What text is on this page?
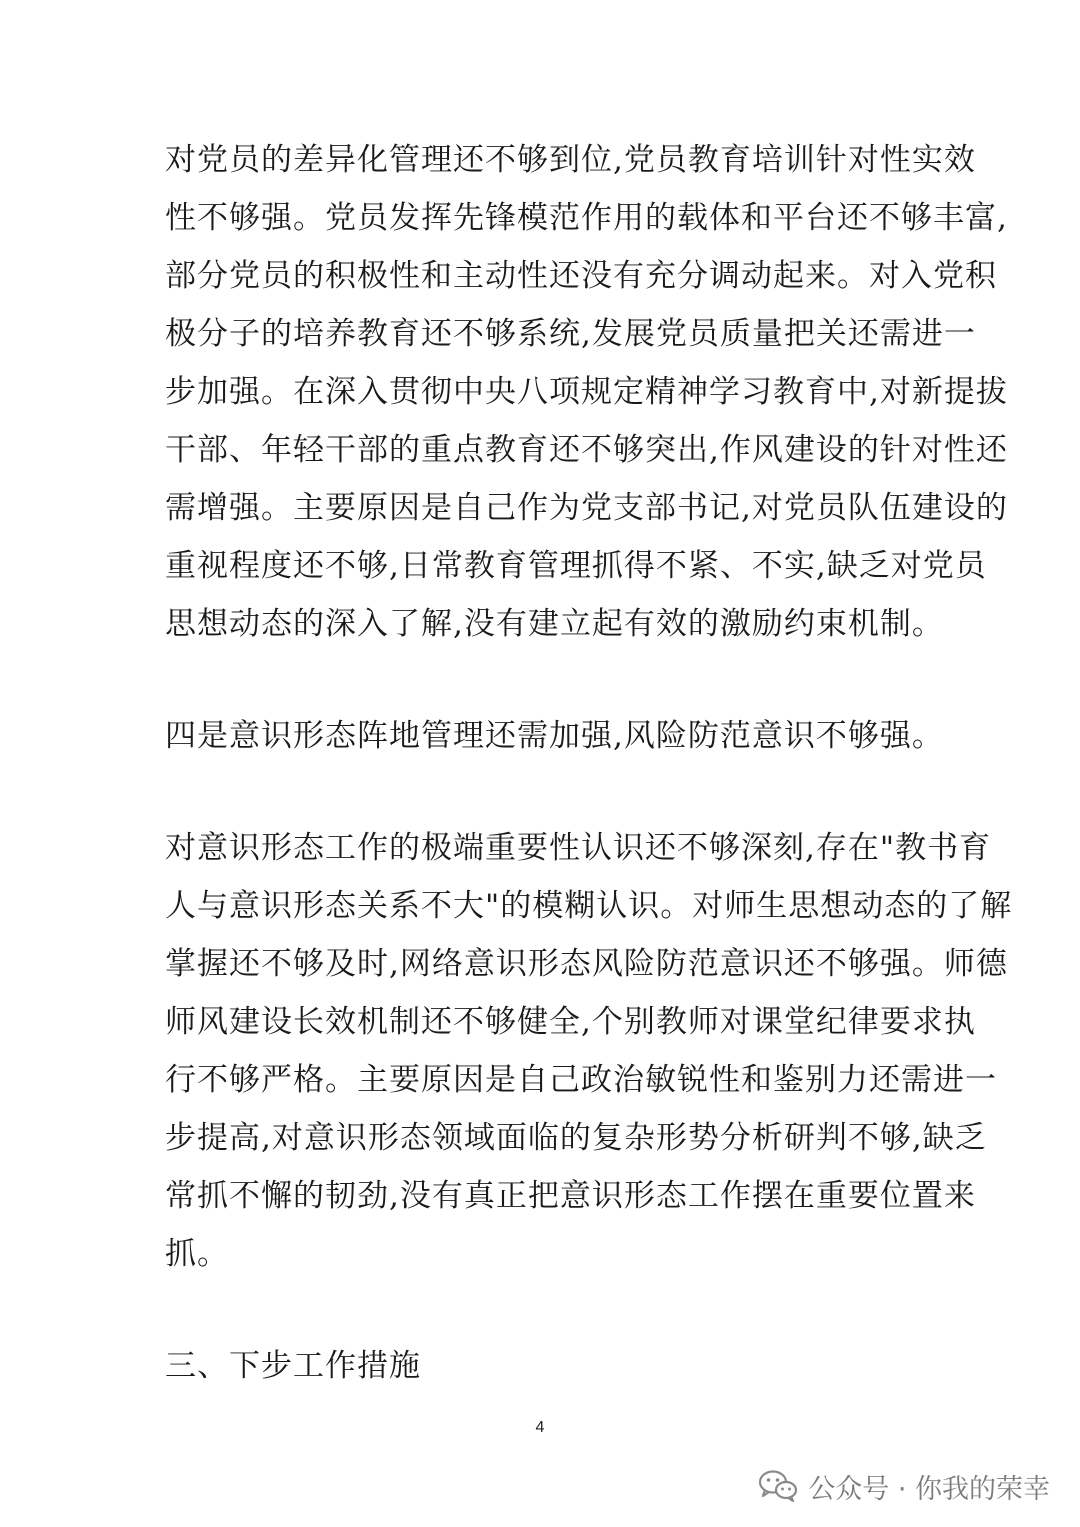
对党员的差异化管理还不够到位,党员教育培训针对性实效
性不够强。党员发挥先锋模范作用的载体和平台还不够丰富,
部分党员的积极性和主动性还没有充分调动起来。对入党积
极分子的培养教育还不够系统,发展党员质量把关还需进一
步加强。在深入贯彻中央八项规定精神学习教育中,对新提拔
干部、年轻干部的重点教育还不够突出,作风建设的针对性还
需增强。主要原因是自己作为党支部书记,对党员队伍建设的
重视程度还不够,日常教育管理抓得不紧、不实,缺乏对党员
思想动态的深入了解,没有建立起有效的激励约束机制。
四是意识形态阵地管理还需加强,风险防范意识不够强。
对意识形态工作的极端重要性认识还不够深刻,存在"教书育
人与意识形态关系不大"的模糊认识。对师生思想动态的了解
掌握还不够及时,网络意识形态风险防范意识还不够强。师德
师风建设长效机制还不够健全,个别教师对课堂纪律要求执
行不够严格。主要原因是自己政治敏锐性和鉴别力还需进一
步提高,对意识形态领域面临的复杂形势分析研判不够,缺乏
常抓不懈的韧劲,没有真正把意识形态工作摆在重要位置来
抓。
三、下步工作措施
4
公众号 · 你我的荣幸
